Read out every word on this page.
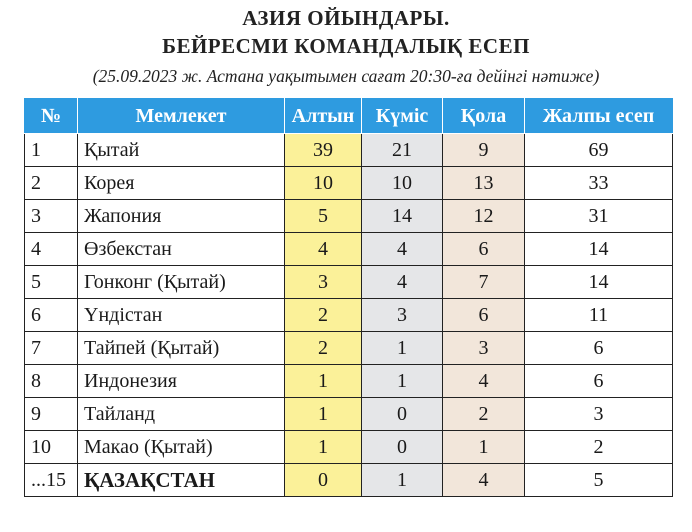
АЗИЯ ОЙЫНДАРЫ.
БЕЙРЕСМИ КОМАНДАЛЫҚ ЕСЕП
(25.09.2023 ж. Астана уақытымен сағат 20:30-ға дейінгі нәтиже)
№	Мемлекет	Алтын	Күміс	Қола	Жалпы есеп
1	Қытай	39	21	9	69
2	Корея	10	10	13	33
3	Жапония	5	14	12	31
4	Өзбекстан	4	4	6	14
5	Гонконг (Қытай)	3	4	7	14
6	Үндістан	2	3	6	11
7	Тайпей (Қытай)	2	1	3	6
8	Индонезия	1	1	4	6
9	Тайланд	1	0	2	3
10	Макао (Қытай)	1	0	1	2
...15	ҚАЗАҚСТАН	0	1	4	5
